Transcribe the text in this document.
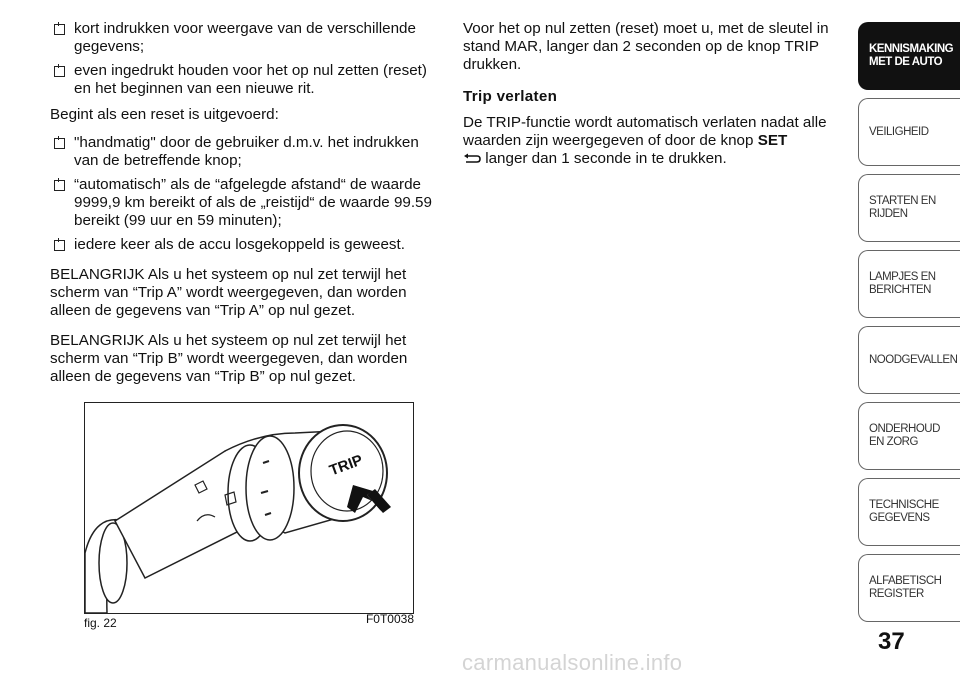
kort indrukken voor weergave van de verschillende gegevens;
even ingedrukt houden voor het op nul zetten (reset) en het beginnen van een nieuwe rit.

Begint als een reset is uitgevoerd:

"handmatig" door de gebruiker d.m.v. het indrukken van de betreffende knop;
“automatisch” als de “afgelegde afstand“ de waarde 9999,9 km bereikt of als de „reistijd“ de waarde 99.59 bereikt (99 uur en 59 minuten);
iedere keer als de accu losgekoppeld is geweest.

BELANGRIJK Als u het systeem op nul zet terwijl het scherm van “Trip A” wordt weergegeven, dan worden alleen de gegevens van “Trip A” op nul gezet.

BELANGRIJK Als u het systeem op nul zet terwijl het scherm van “Trip B” wordt weergegeven, dan worden alleen de gegevens van “Trip B” op nul gezet.

Voor het op nul zetten (reset) moet u, met de sleutel in stand MAR, langer dan 2 seconden op de knop TRIP drukken.

Trip verlaten

De TRIP-functie wordt automatisch verlaten nadat alle waarden zijn weergegeven of door de knop SET
langer dan 1 seconde in te drukken.

TRIP
fig. 22	F0T0038
KENNISMAKING MET DE AUTO
VEILIGHEID
STARTEN EN RIJDEN
LAMPJES EN BERICHTEN
NOODGEVALLEN
ONDERHOUD EN ZORG
TECHNISCHE GEGEVENS
ALFABETISCH REGISTER
37
carmanualsonline.info
